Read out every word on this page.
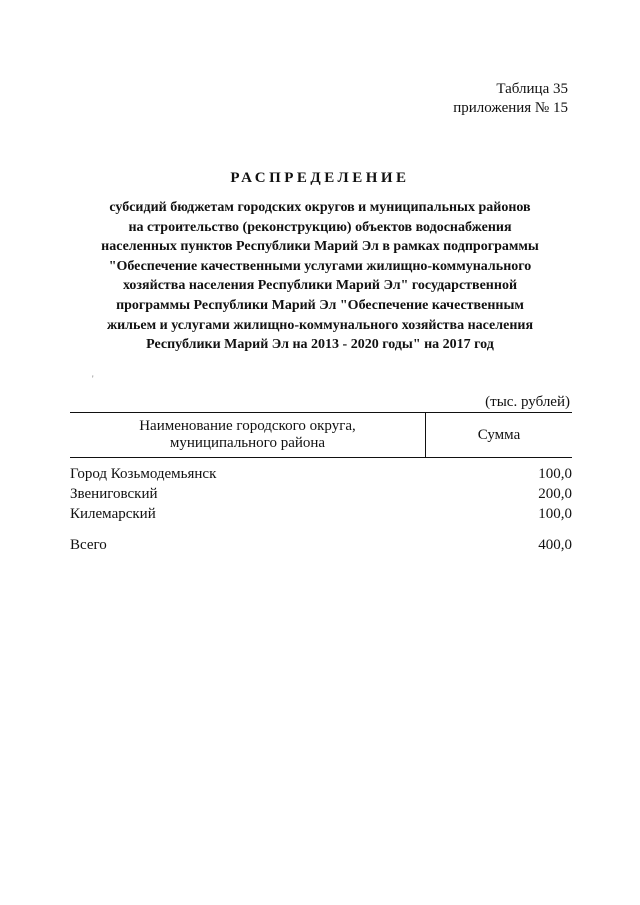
Таблица 35
приложения № 15
РАСПРЕДЕЛЕНИЕ
субсидий бюджетам городских округов и муниципальных районов
на строительство (реконструкцию) объектов водоснабжения
населенных пунктов Республики Марий Эл в рамках подпрограммы
"Обеспечение качественными услугами жилищно-коммунального
хозяйства населения Республики Марий Эл" государственной
программы Республики Марий Эл "Обеспечение качественным
жильем и услугами жилищно-коммунального хозяйства населения
Республики Марий Эл на 2013 - 2020 годы" на 2017 год
'
(тыс. рублей)
Наименование городского округа,
муниципального района	Сумма
Город Козьмодемьянск	100,0
Звениговский	200,0
Килемарский	100,0
Всего	400,0
